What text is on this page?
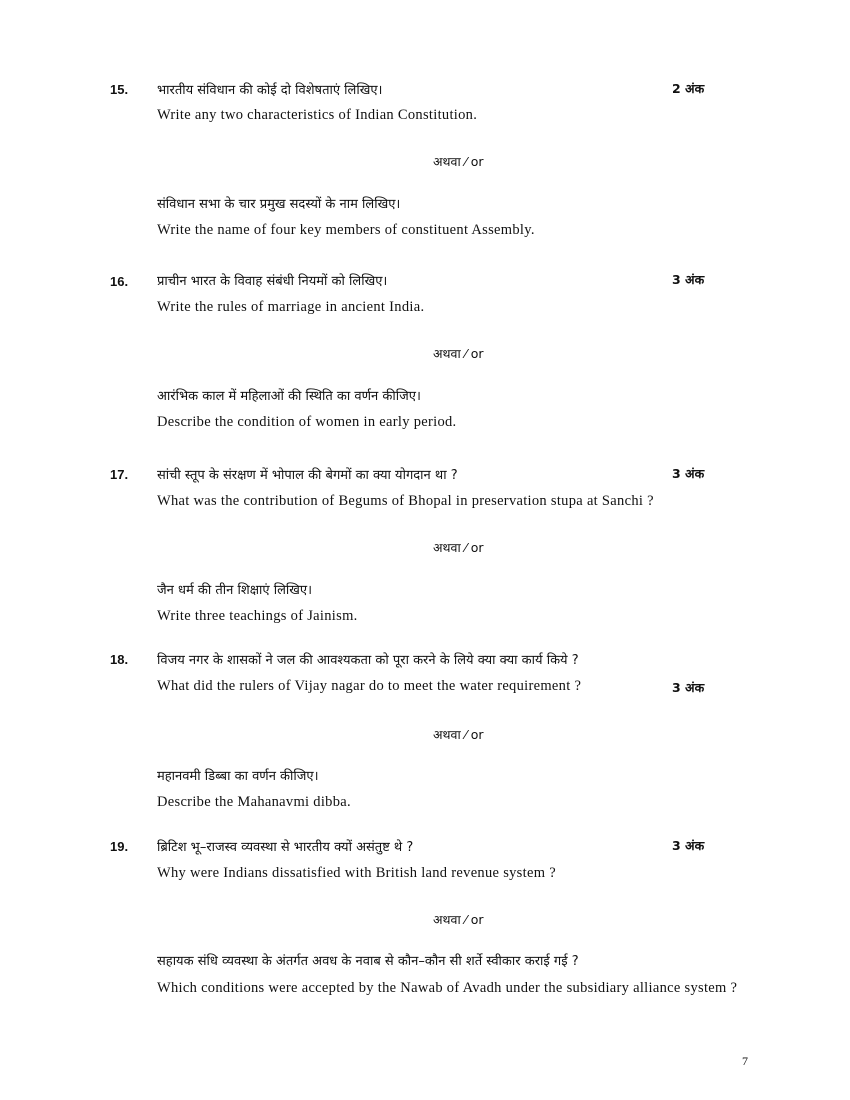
15. भारतीय संविधान की कोई दो विशेषताएं लिखिए।	2 अंक
Write any two characteristics of Indian Constitution.
अथवा ⁄ or
संविधान सभा के चार प्रमुख सदस्यों के नाम लिखिए।
Write the name of four key members of constituent Assembly.
16. प्राचीन भारत के विवाह संबंधी नियमों को लिखिए।	3 अंक
Write the rules of marriage in ancient India.
अथवा ⁄ or
आरंभिक काल में महिलाओं की स्थिति का वर्णन कीजिए।
Describe the condition of women in early period.
17. सांची स्तूप के संरक्षण में भोपाल की बेगमों का क्या योगदान था ?	3 अंक
What was the contribution of Begums of Bhopal in preservation stupa at Sanchi ?
अथवा ⁄ or
जैन धर्म की तीन शिक्षाएं लिखिए।
Write three teachings of Jainism.
18. विजय नगर के शासकों ने जल की आवश्यकता को पूरा करने के लिये क्या क्या कार्य किये ?
What did the rulers of Vijay nagar do to meet the water requirement ?	3 अंक
अथवा ⁄ or
महानवमी डिब्बा का वर्णन कीजिए।
Describe the Mahanavmi dibba.
19. ब्रिटिश भू–राजस्व व्यवस्था से भारतीय क्यों असंतुष्ट थे ?	3 अंक
Why were Indians dissatisfied with British land revenue system ?
अथवा ⁄ or
सहायक संधि व्यवस्था के अंतर्गत अवध के नवाब से कौन–कौन सी शर्ते स्वीकार कराई गई ?
Which conditions were accepted by the Nawab of Avadh under the subsidiary alliance system ?
7
